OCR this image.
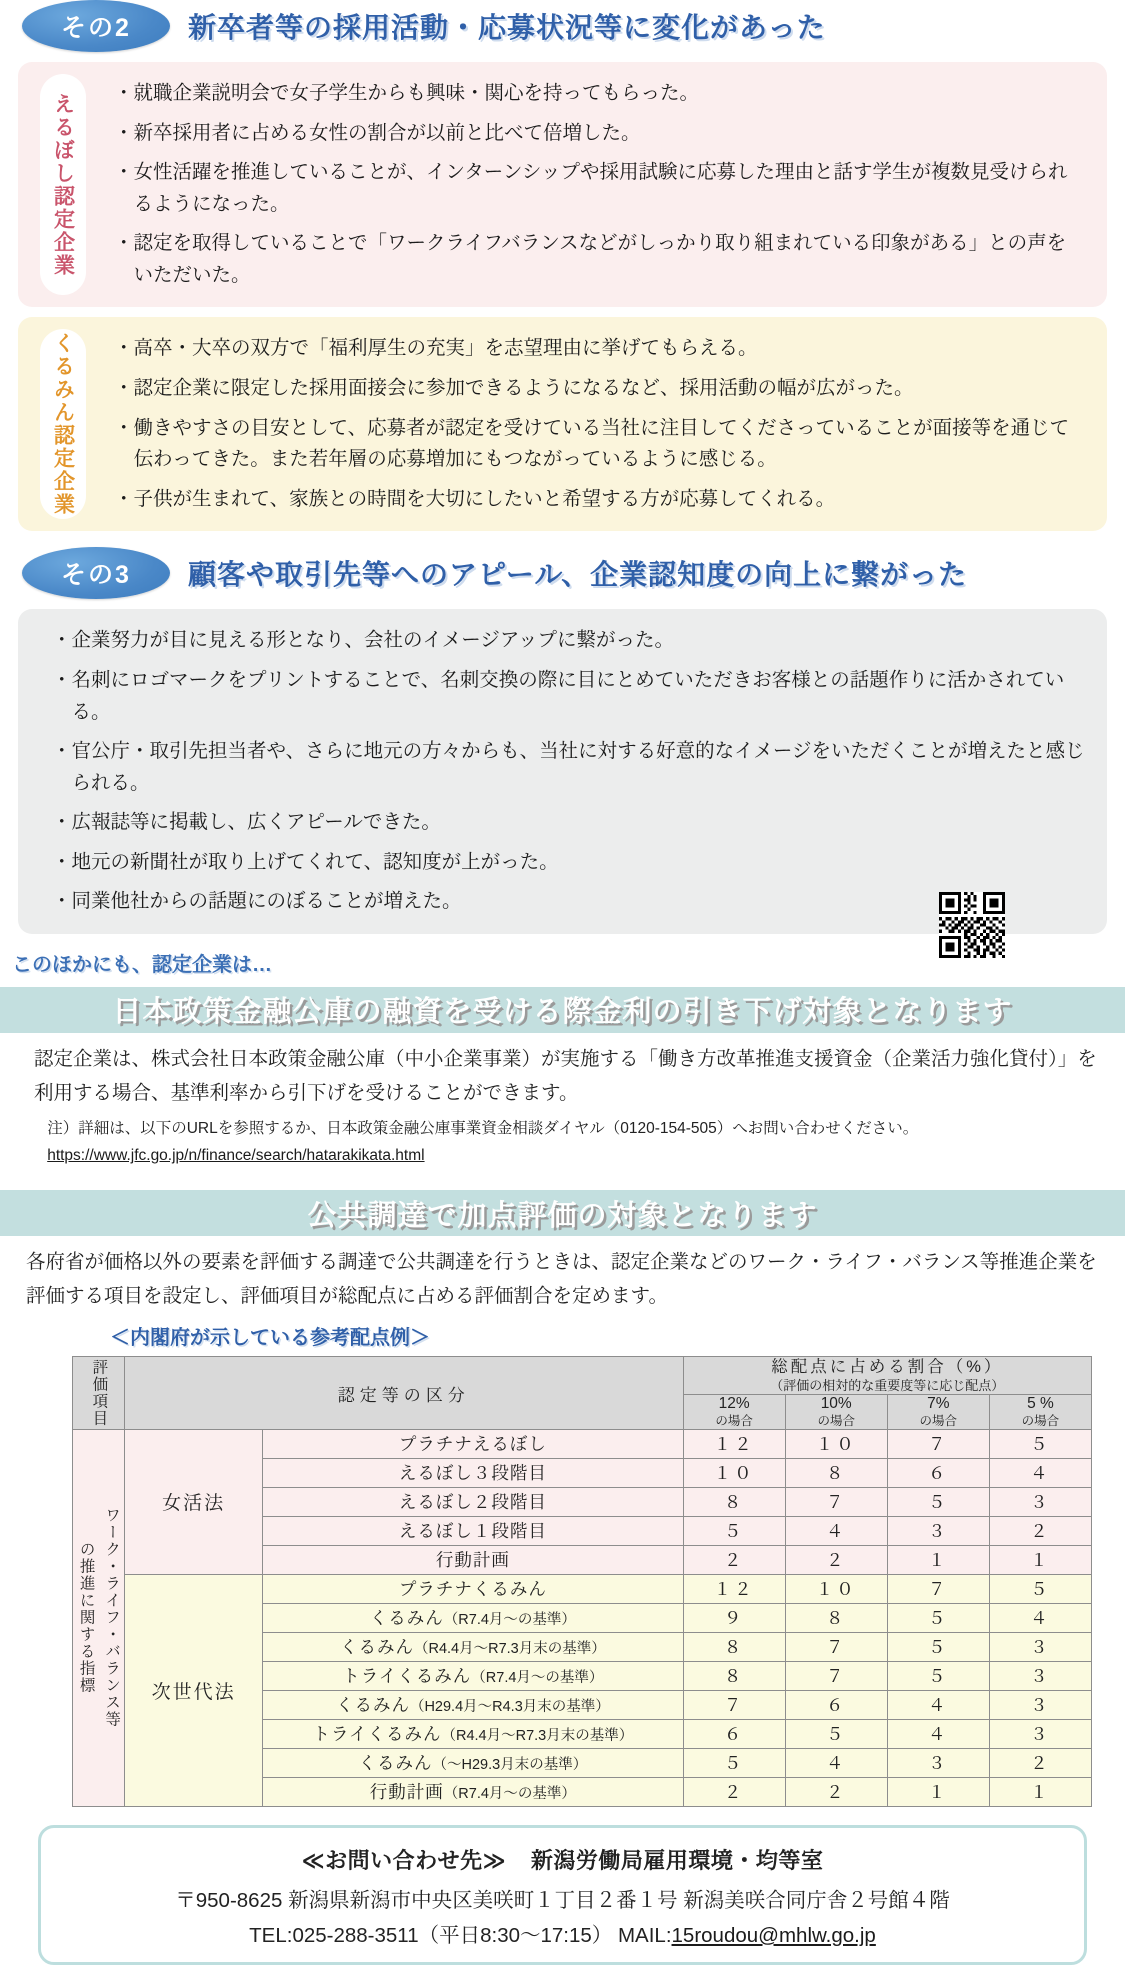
その2	新卒者等の採用活動・応募状況等に変化があった
えるぼし認定企業 ・就職企業説明会で女子学生からも興味・関心を持ってもらった。
・新卒採用者に占める女性の割合が以前と比べて倍増した。
・女性活躍を推進していることが、インターンシップや採用試験に応募した理由と話す学生が複数見受けられるようになった。
・認定を取得していることで「ワークライフバランスなどがしっかり取り組まれている印象がある」との声をいただいた。
くるみん認定企業 ・高卒・大卒の双方で「福利厚生の充実」を志望理由に挙げてもらえる。
・認定企業に限定した採用面接会に参加できるようになるなど、採用活動の幅が広がった。
・働きやすさの目安として、応募者が認定を受けている当社に注目してくださっていることが面接等を通じて伝わってきた。また若年層の応募増加にもつながっているように感じる。
・子供が生まれて、家族との時間を大切にしたいと希望する方が応募してくれる。
その3	顧客や取引先等へのアピール、企業認知度の向上に繋がった
・企業努力が目に見える形となり、会社のイメージアップに繋がった。
・名刺にロゴマークをプリントすることで、名刺交換の際に目にとめていただきお客様との話題作りに活かされている。
・官公庁・取引先担当者や、さらに地元の方々からも、当社に対する好意的なイメージをいただくことが増えたと感じられる。
・広報誌等に掲載し、広くアピールできた。
・地元の新聞社が取り上げてくれて、認知度が上がった。
・同業他社からの話題にのぼることが増えた。
このほかにも、認定企業は…
日本政策金融公庫の融資を受ける際金利の引き下げ対象となります
認定企業は、株式会社日本政策金融公庫（中小企業事業）が実施する「働き方改革推進支援資金（企業活力強化貸付）」を利用する場合、基準利率から引下げを受けることができます。
注）詳細は、以下のURLを参照するか、日本政策金融公庫事業資金相談ダイヤル（0120-154-505）へお問い合わせください。
https://www.jfc.go.jp/n/finance/search/hatarakikata.html
公共調達で加点評価の対象となります
各府省が価格以外の要素を評価する調達で公共調達を行うときは、認定企業などのワーク・ライフ・バランス等推進企業を評価する項目を設定し、評価項目が総配点に占める評価割合を定めます。
＜内閣府が示している参考配点例＞
評価項目	認定等の区分		総配点に占める割合（%）
（評価の相対的な重要度等に応じ配点）			

			12%
の場合	10%
の場合	7%
の場合	5 %
の場合

ワーク・ライフ・バランス等
の推進に関する指標	女活法	プラチナえるぼし	１２	１０	７	５
		えるぼし３段階目	１０	８	６	４
		えるぼし２段階目	８	７	５	３
		えるぼし１段階目	５	４	３	２
		行動計画	２	２	１	１
	次世代法	プラチナくるみん	１２	１０	７	５
		くるみん（R7.4月～の基準）	９	８	５	４
		くるみん（R4.4月～R7.3月末の基準）	８	７	５	３
		トライくるみん（R7.4月～の基準）	８	７	５	３
		くるみん（H29.4月～R4.3月末の基準）	７	６	４	３
		トライくるみん（R4.4月～R7.3月末の基準）	６	５	４	３
		くるみん（～H29.3月末の基準）	５	４	３	２
		行動計画（R7.4月～の基準）	２	２	１	１
≪お問い合わせ先≫ 新潟労働局雇用環境・均等室
〒950-8625 新潟県新潟市中央区美咲町１丁目２番１号 新潟美咲合同庁舎２号館４階
TEL:025-288-3511（平日8:30～17:15） MAIL:15roudou@mhlw.go.jp
